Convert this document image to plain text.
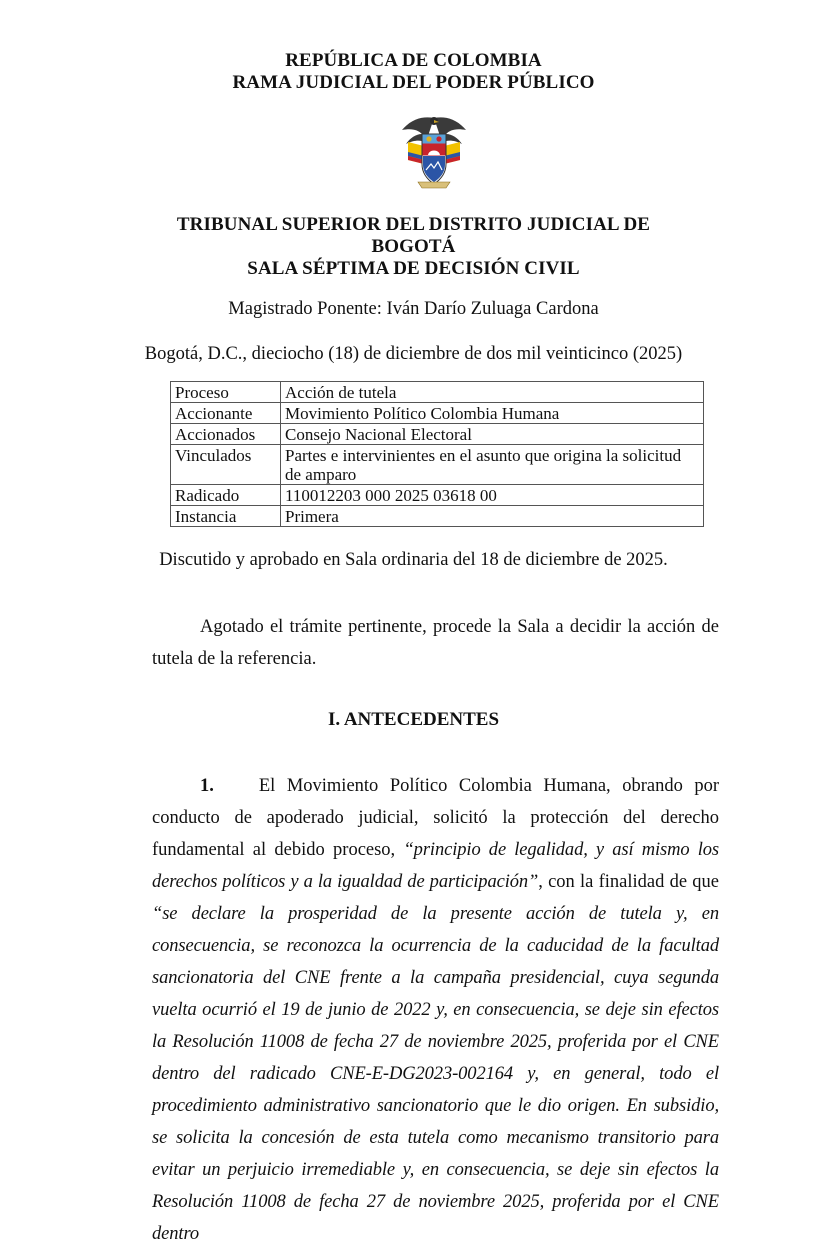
REPÚBLICA DE COLOMBIA
RAMA JUDICIAL DEL PODER PÚBLICO
TRIBUNAL SUPERIOR DEL DISTRITO JUDICIAL DE
BOGOTÁ
SALA SÉPTIMA DE DECISIÓN CIVIL
Magistrado Ponente: Iván Darío Zuluaga Cardona
Bogotá, D.C., dieciocho (18) de diciembre de dos mil veinticinco (2025)
Proceso	Acción de tutela
Accionante	Movimiento Político Colombia Humana
Accionados	Consejo Nacional Electoral
Vinculados	Partes e intervinientes en el asunto que origina la solicitud de amparo
Radicado	110012203 000 2025 03618 00
Instancia	Primera
Discutido y aprobado en Sala ordinaria del 18 de diciembre de 2025.

Agotado el trámite pertinente, procede la Sala a decidir la acción de tutela de la referencia.

I. ANTECEDENTES

1. El Movimiento Político Colombia Humana, obrando por conducto de apoderado judicial, solicitó la protección del derecho fundamental al debido proceso, “principio de legalidad, y así mismo los derechos políticos y a la igualdad de participación”, con la finalidad de que “se declare la prosperidad de la presente acción de tutela y, en consecuencia, se reconozca la ocurrencia de la caducidad de la facultad sancionatoria del CNE frente a la campaña presidencial, cuya segunda vuelta ocurrió el 19 de junio de 2022 y, en consecuencia, se deje sin efectos la Resolución 11008 de fecha 27 de noviembre 2025, proferida por el CNE dentro del radicado CNE-E-DG2023-002164 y, en general, todo el procedimiento administrativo sancionatorio que le dio origen. En subsidio, se solicita la concesión de esta tutela como mecanismo transitorio para evitar un perjuicio irremediable y, en consecuencia, se deje sin efectos la Resolución 11008 de fecha 27 de noviembre 2025, proferida por el CNE dentro
